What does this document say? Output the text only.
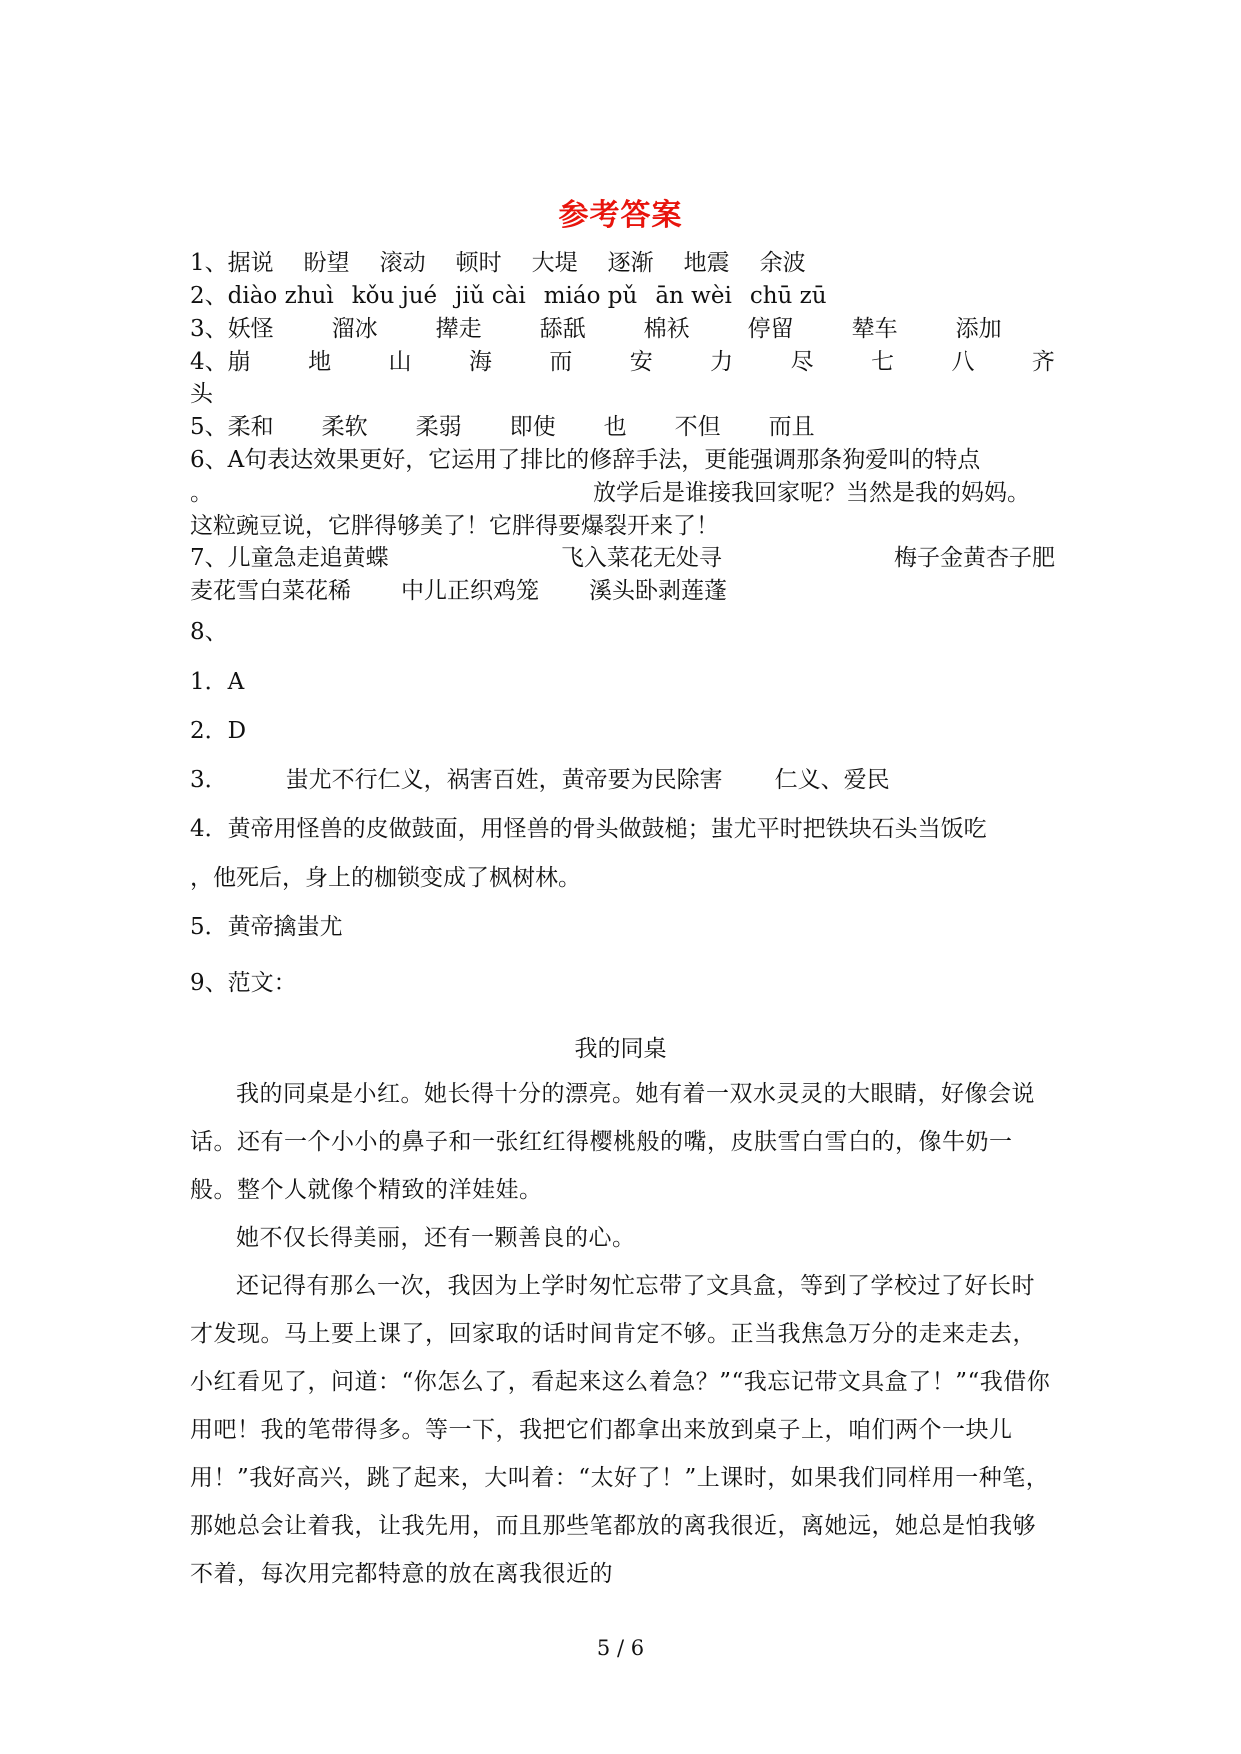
参考答案
1、据说 盼望 滚动 顿时 大堤 逐渐 地震 余波
2、diào zhuì kǒu jué jiǔ cài miáo pǔ ān wèi chū zū
3、妖怪	溜冰	撵走	舔舐	棉袄	停留	辇车	添加
4、崩 地 山 海 而 安 力 尽 七 八 齐
头
5、柔和 柔软 柔弱 即使 也 不但 而且
6、A句表达效果更好，它运用了排比的修辞手法，更能强调那条狗爱叫的特点
。	放学后是谁接我回家呢？当然是我的妈妈。
这粒豌豆说，它胖得够美了！它胖得要爆裂开来了！
7、儿童急走追黄蝶	飞入菜花无处寻	梅子金黄杏子肥
麦花雪白菜花稀 中儿正织鸡笼 溪头卧剥莲蓬
8、
1．A
2．D
3．	蚩尤不行仁义，祸害百姓，黄帝要为民除害 仁义、爱民
4．黄帝用怪兽的皮做鼓面，用怪兽的骨头做鼓槌；蚩尤平时把铁块石头当饭吃
，他死后，身上的枷锁变成了枫树林。
5．黄帝擒蚩尤
9、范文：
我的同桌
我的同桌是小红。她长得十分的漂亮。她有着一双水灵灵的大眼睛，好像会说话。还有一个小小的鼻子和一张红红得樱桃般的嘴，皮肤雪白雪白的，像牛奶一般。整个人就像个精致的洋娃娃。
她不仅长得美丽，还有一颗善良的心。
还记得有那么一次，我因为上学时匆忙忘带了文具盒，等到了学校过了好长时才发现。马上要上课了，回家取的话时间肯定不够。正当我焦急万分的走来走去，小红看见了，问道：“你怎么了，看起来这么着急？”“我忘记带文具盒了！”“我借你用吧！我的笔带得多。等一下，我把它们都拿出来放到桌子上，咱们两个一块儿用！”我好高兴，跳了起来，大叫着：“太好了！”上课时，如果我们同样用一种笔，那她总会让着我，让我先用，而且那些笔都放的离我很近，离她远，她总是怕我够不着，每次用完都特意的放在离我很近的
5 / 6
